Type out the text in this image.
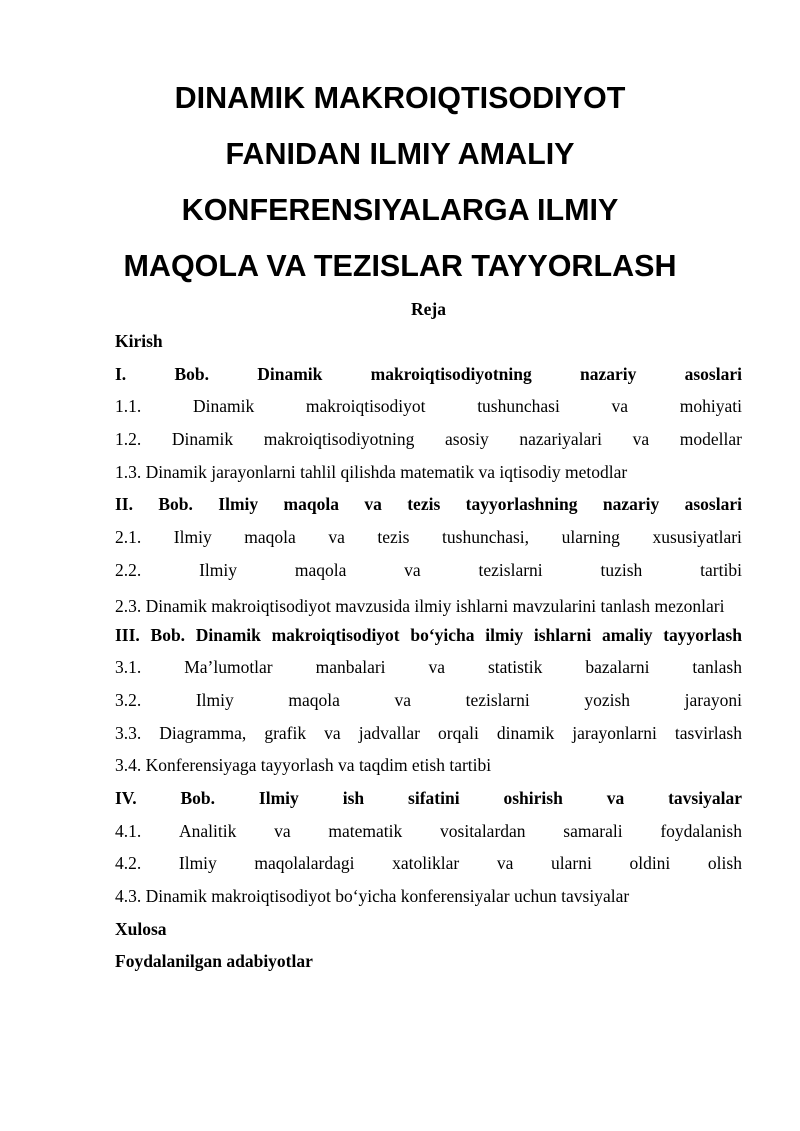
DINAMIK MAKROIQTISODIYOT
FANIDAN ILMIY AMALIY
KONFERENSIYALARGA ILMIY
MAQOLA VA TEZISLAR TAYYORLASH
Reja
Kirish
I.	Bob.	Dinamik	makroiqtisodiyotning	nazariy	asoslari
1.1.	Dinamik	makroiqtisodiyot	tushunchasi	va	mohiyati
1.2. Dinamik makroiqtisodiyotning asosiy nazariyalari va modellar
1.3. Dinamik jarayonlarni tahlil qilishda matematik va iqtisodiy metodlar
II. Bob. Ilmiy maqola va tezis tayyorlashning nazariy asoslari
2.1. Ilmiy maqola va tezis tushunchasi, ularning xususiyatlari
2.2.	Ilmiy	maqola	va	tezislarni	tuzish	tartibi
2.3. Dinamik makroiqtisodiyot mavzusida ilmiy ishlarni mavzularini tanlash mezonlari
III. Bob. Dinamik makroiqtisodiyot bo‘yicha ilmiy ishlarni amaliy tayyorlash
3.1. Ma’lumotlar manbalari va statistik bazalarni tanlash
3.2.	Ilmiy	maqola	va	tezislarni	yozish	jarayoni
3.3. Diagramma, grafik va jadvallar orqali dinamik jarayonlarni tasvirlash
3.4. Konferensiyaga tayyorlash va taqdim etish tartibi
IV.	Bob.	Ilmiy	ish	sifatini	oshirish	va	tavsiyalar
4.1. Analitik va matematik vositalardan samarali foydalanish
4.2. Ilmiy maqolalardagi xatoliklar va ularni oldini olish
4.3. Dinamik makroiqtisodiyot bo‘yicha konferensiyalar uchun tavsiyalar
Xulosa
Foydalanilgan adabiyotlar
